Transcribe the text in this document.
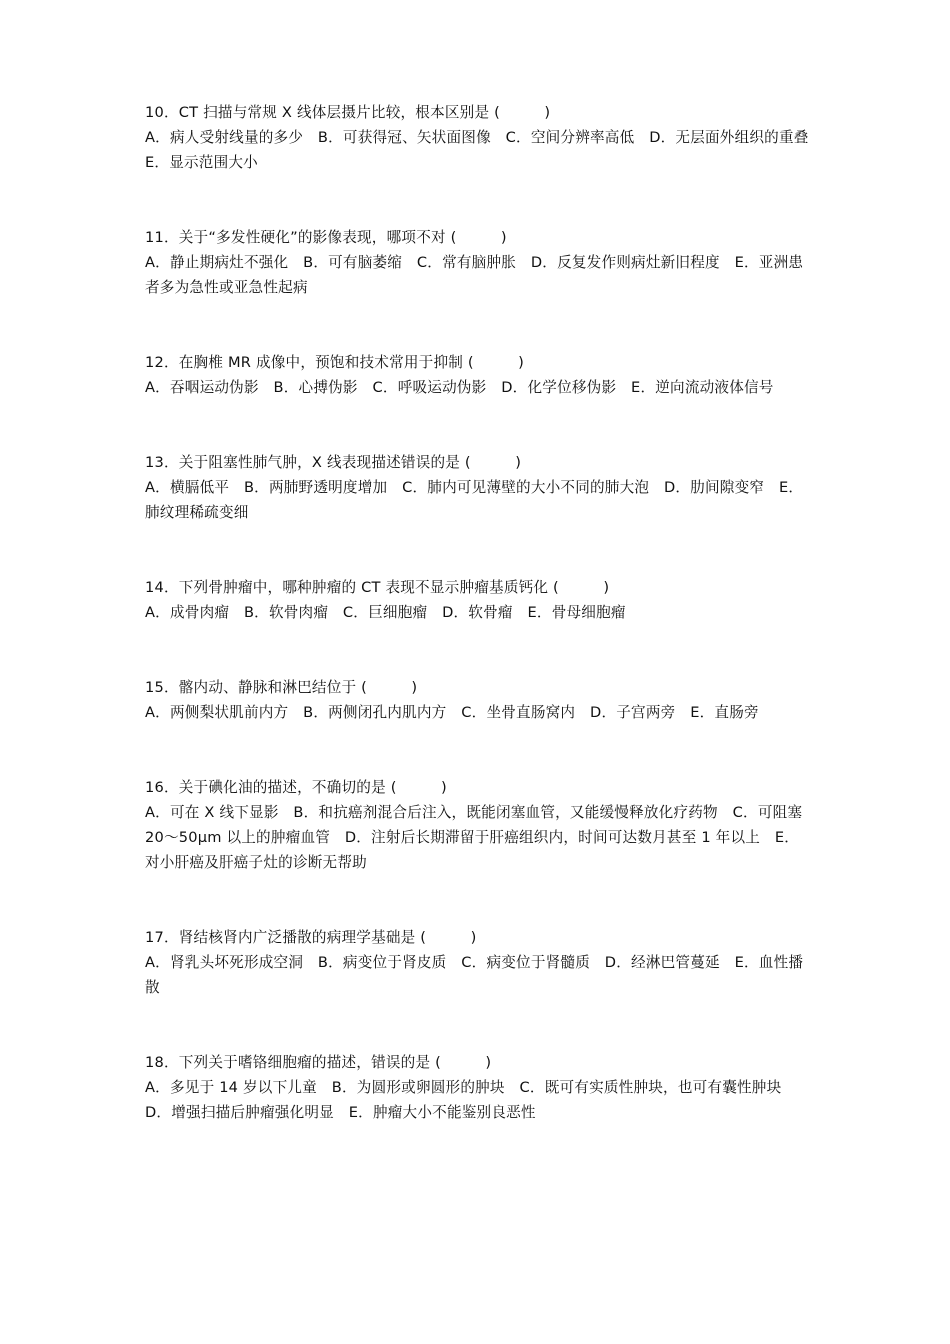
10．CT 扫描与常规 X 线体层摄片比较，根本区别是 (　　　)
A．病人受射线量的多少　B．可获得冠、矢状面图像　C．空间分辨率高低　D．无层面外组织的重叠　E．显示范围大小
11．关于“多发性硬化”的影像表现，哪项不对 (　　　)
A．静止期病灶不强化　B．可有脑萎缩　C．常有脑肿胀　D．反复发作则病灶新旧程度　E．亚洲患者多为急性或亚急性起病
12．在胸椎 MR 成像中，预饱和技术常用于抑制 (　　　)
A．吞咽运动伪影　B．心搏伪影　C．呼吸运动伪影　D．化学位移伪影　E．逆向流动液体信号
13．关于阻塞性肺气肿，X 线表现描述错误的是 (　　　)
A．横膈低平　B．两肺野透明度增加　C．肺内可见薄壁的大小不同的肺大泡　D．肋间隙变窄　E．肺纹理稀疏变细
14．下列骨肿瘤中，哪种肿瘤的 CT 表现不显示肿瘤基质钙化 (　　　)
A．成骨肉瘤　B．软骨肉瘤　C．巨细胞瘤　D．软骨瘤　E．骨母细胞瘤
15．髂内动、静脉和淋巴结位于 (　　　)
A．两侧梨状肌前内方　B．两侧闭孔内肌内方　C．坐骨直肠窝内　D．子宫两旁　E．直肠旁
16．关于碘化油的描述，不确切的是 (　　　)
A．可在 X 线下显影　B．和抗癌剂混合后注入，既能闭塞血管，又能缓慢释放化疗药物　C．可阻塞 20～50μm 以上的肿瘤血管　D．注射后长期滞留于肝癌组织内，时间可达数月甚至 1 年以上　E．对小肝癌及肝癌子灶的诊断无帮助
17．肾结核肾内广泛播散的病理学基础是 (　　　)
A．肾乳头坏死形成空洞　B．病变位于肾皮质　C．病变位于肾髓质　D．经淋巴管蔓延　E．血性播散
18．下列关于嗜铬细胞瘤的描述，错误的是 (　　　)
A．多见于 14 岁以下儿童　B．为圆形或卵圆形的肿块　C．既可有实质性肿块，也可有囊性肿块　D．增强扫描后肿瘤强化明显　E．肿瘤大小不能鉴别良恶性
